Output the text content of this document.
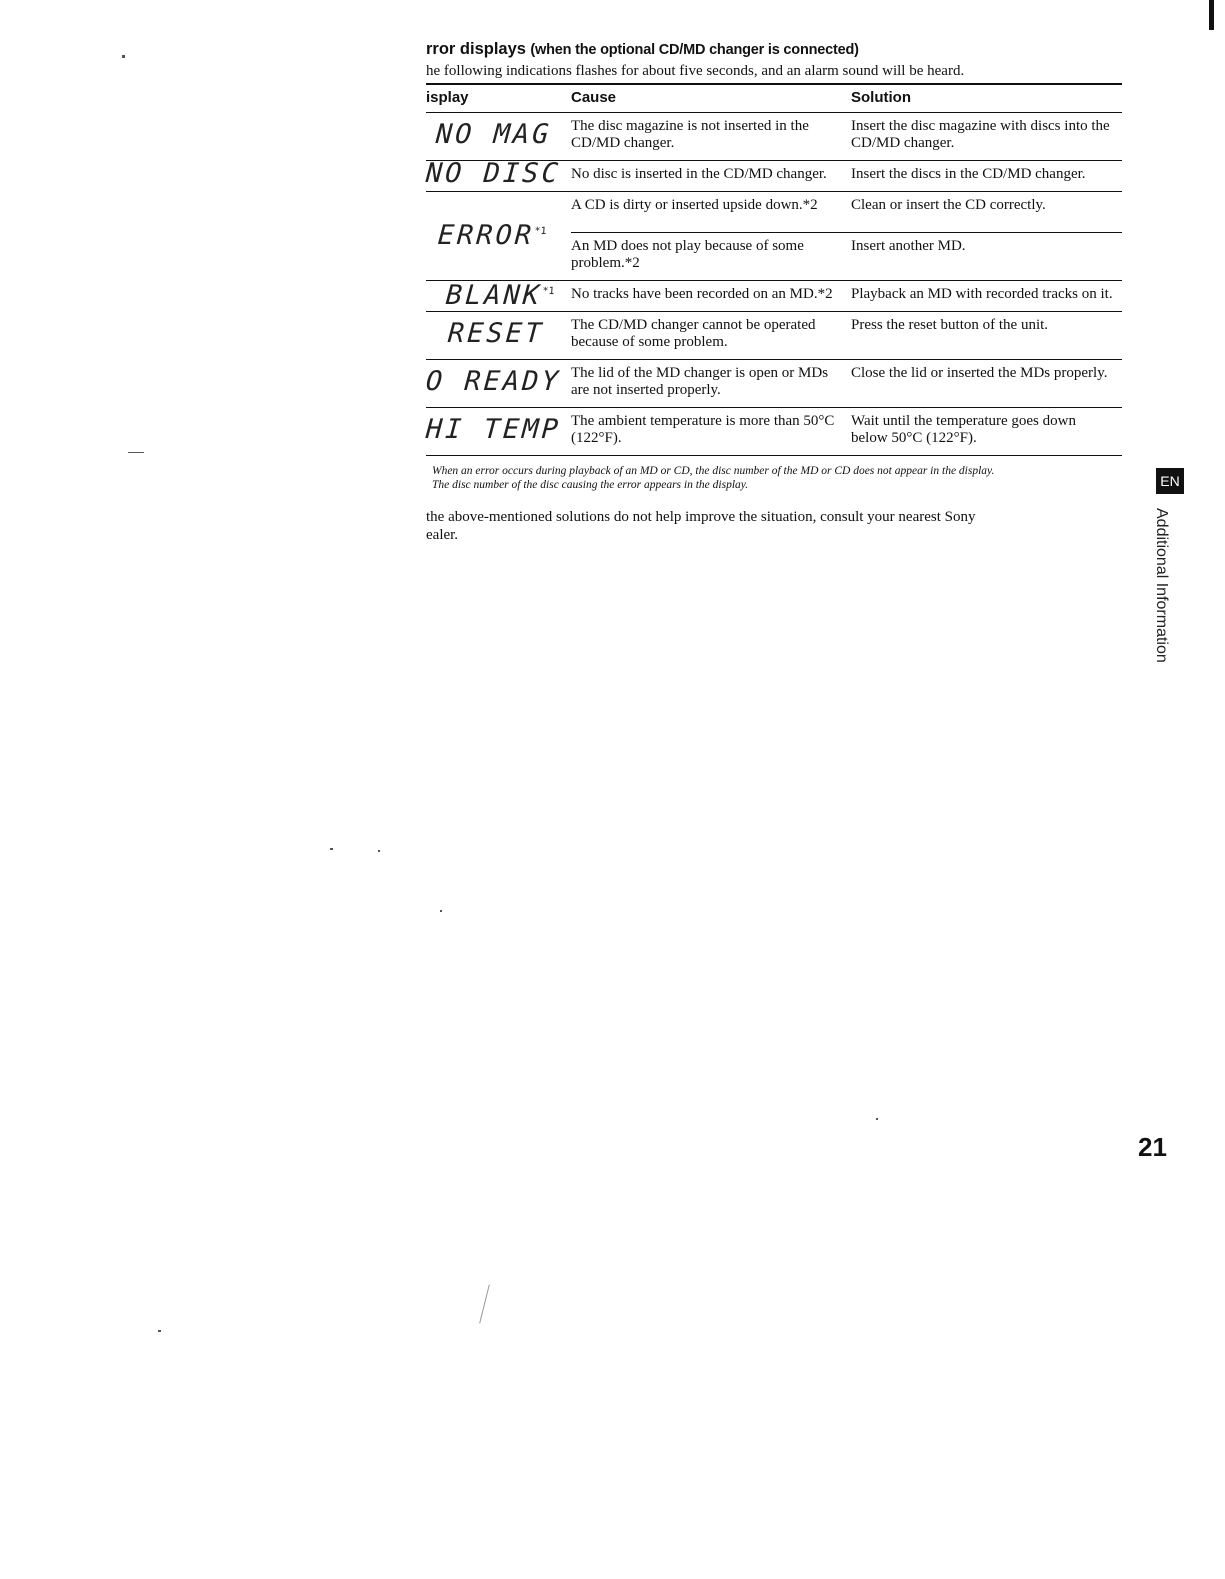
rror displays (when the optional CD/MD changer is connected)

he following indications flashes for about five seconds, and an alarm sound will be heard.

isplay	Cause	Solution
NO MAG	The disc magazine is not inserted in the CD/MD changer.	Insert the disc magazine with discs into the CD/MD changer.
NO DISC	No disc is inserted in the CD/MD changer.	Insert the discs in the CD/MD changer.
ERROR$^{*1}$	A CD is dirty or inserted upside down.*2	Clean or insert the CD correctly.
	An MD does not play because of some problem.*2	Insert another MD.
BLANK$^{*1}$	No tracks have been recorded on an MD.*2	Playback an MD with recorded tracks on it.
RESET	The CD/MD changer cannot be operated because of some problem.	Press the reset button of the unit.
O READY	The lid of the MD changer is open or MDs are not inserted properly.	Close the lid or inserted the MDs properly.
HI TEMP	The ambient temperature is more than 50°C (122°F).	Wait until the temperature goes down below 50°C (122°F).
When an error occurs during playback of an MD or CD, the disc number of the MD or CD does not appear in the display.
The disc number of the disc causing the error appears in the display.
the above-mentioned solutions do not help improve the situation, consult your nearest Sony
ealer.
EN
Additional Information
21
